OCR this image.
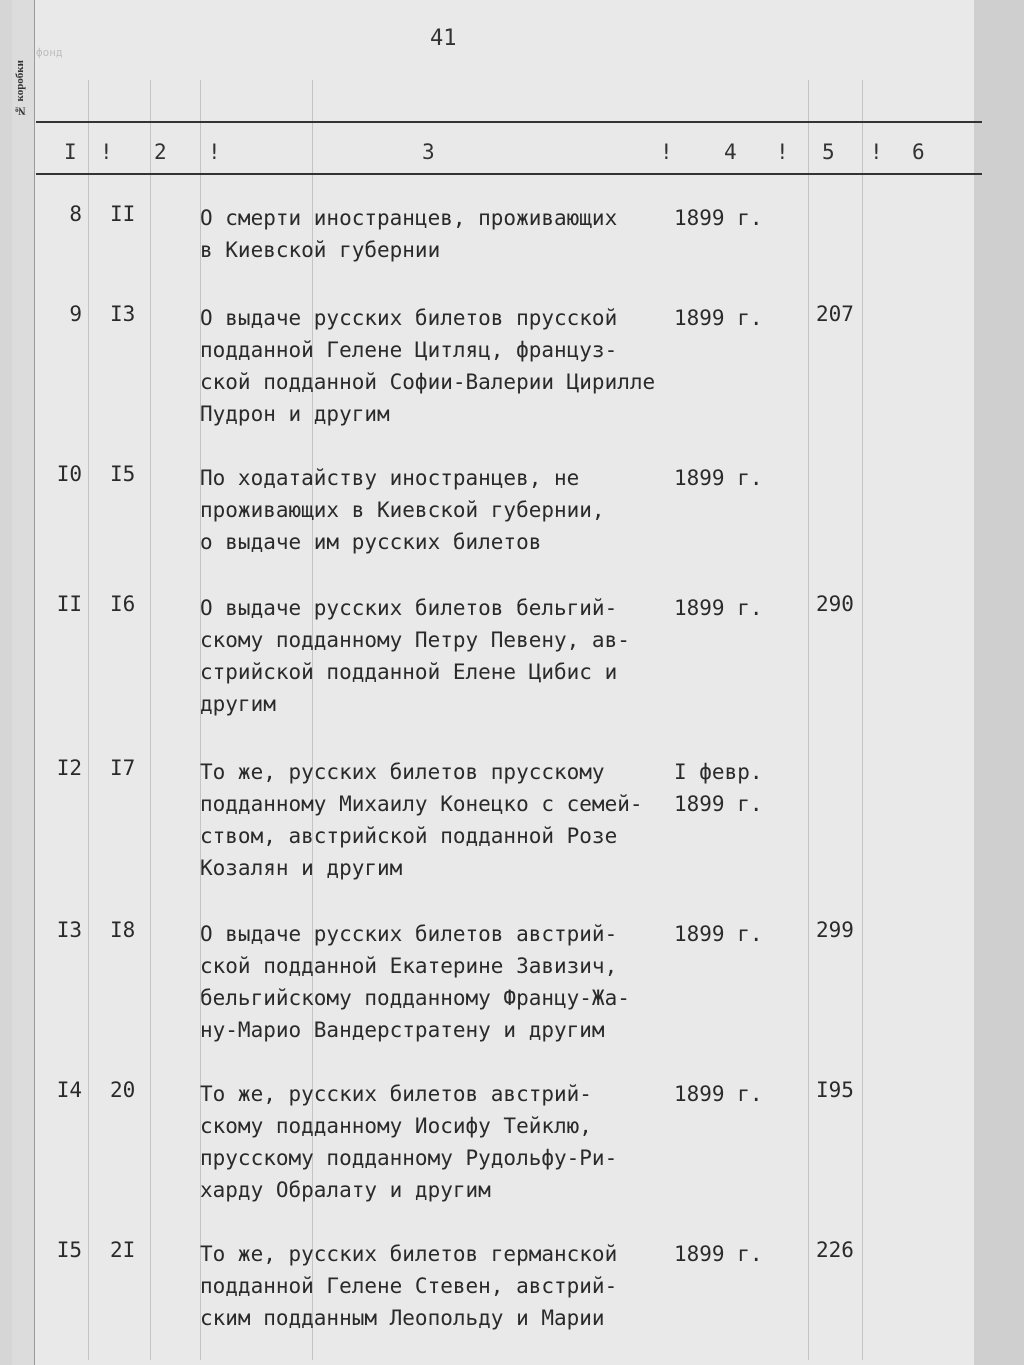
№ коробки
фонд
41
I ! 2 !	3	! 4 ! 5 ! 6
8 II	О смерти иностранцев, проживающих
в Киевской губернии
1899 г.
9 I3	О выдаче русских билетов прусской
подданной Гелене Цитляц, француз-
ской подданной Софии-Валерии Цирилле
Пудрон и другим
1899 г.	207
I0 I5	По ходатайству иностранцев, не
проживающих в Киевской губернии,
о выдаче им русских билетов
1899 г.
II I6	О выдаче русских билетов бельгий-
скому подданному Петру Певену, ав-
стрийской подданной Елене Цибис и
другим
1899 г.	290
I2 I7	То же, русских билетов прусскому
подданному Михаилу Конецко с семей-
ством, австрийской подданной Розе
Козалян и другим
I февр.
1899 г.
I3 I8	О выдаче русских билетов австрий-
ской подданной Екатерине Завизич,
бельгийскому подданному Францу-Жа-
ну-Марио Вандерстратену и другим
1899 г.	299
I4 20	То же, русских билетов австрий-
скому подданному Иосифу Тейклю,
прусскому подданному Рудольфу-Ри-
харду Обралату и другим
1899 г.	I95
I5 2I	То же, русских билетов германской
подданной Гелене Стевен, австрий-
ским подданным Леопольду и Марии
1899 г.	226
